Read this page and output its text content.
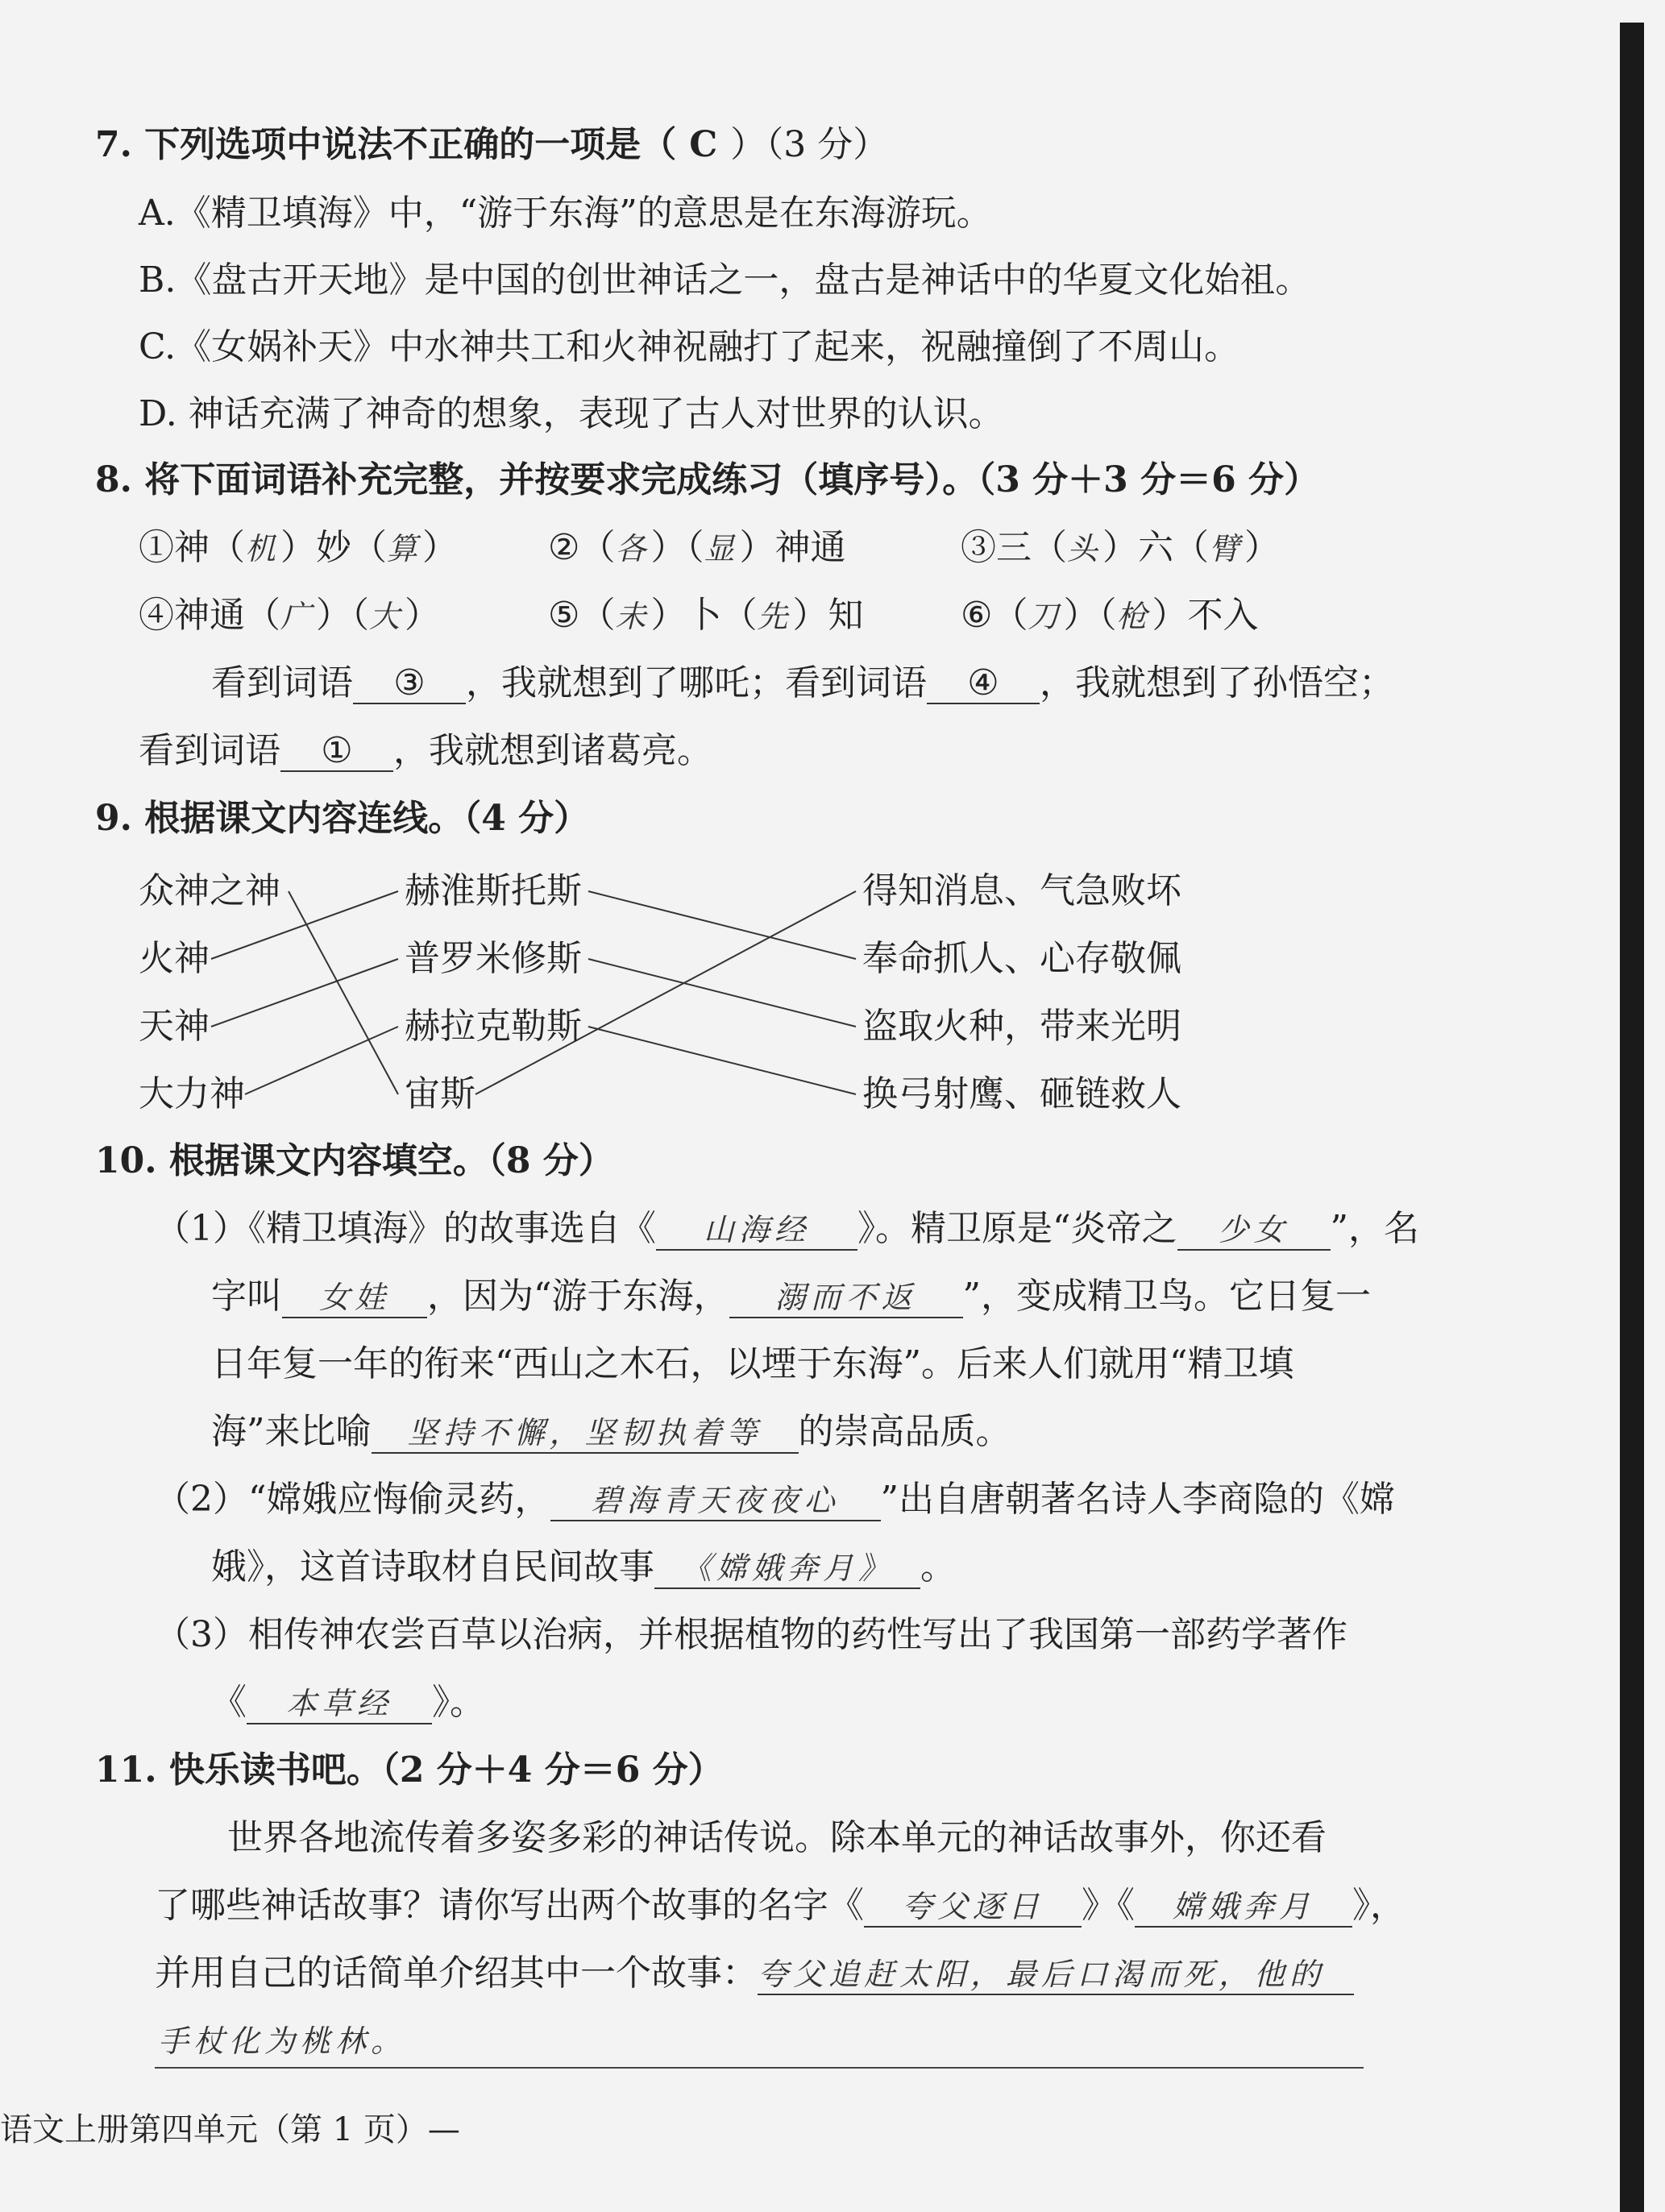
7. 下列选项中说法不正确的一项是（ C ）（3 分）
A.《精卫填海》中，“游于东海”的意思是在东海游玩。
B.《盘古开天地》是中国的创世神话之一，盘古是神话中的华夏文化始祖。
C.《女娲补天》中水神共工和火神祝融打了起来，祝融撞倒了不周山。
D. 神话充满了神奇的想象，表现了古人对世界的认识。
8. 将下面词语补充完整，并按要求完成练习（填序号）。（3 分＋3 分＝6 分）
①神（机）妙（算）	②（各）（显）神通	③三（头）六（臂）
④神通（广）（大）	⑤（未）卜（先）知	⑥（刀）（枪）不入
看到词语 ③ ，我就想到了哪吒；看到词语 ④ ，我就想到了孙悟空；
看到词语 ① ，我就想到诸葛亮。
9. 根据课文内容连线。（4 分）
众神之神
火神
天神
大力神
赫淮斯托斯
普罗米修斯
赫拉克勒斯
宙斯
得知消息、气急败坏
奉命抓人、心存敬佩
盗取火种，带来光明
换弓射鹰、砸链救人
10. 根据课文内容填空。（8 分）
（1）《精卫填海》的故事选自《 山海经 》。精卫原是“炎帝之 少女 ”，名
字叫 女娃 ，因为“游于东海， 溺而不返 ”，变成精卫鸟。它日复一
日年复一年的衔来“西山之木石，以堙于东海”。后来人们就用“精卫填
海”来比喻 坚持不懈，坚韧执着等 的崇高品质。
（2）“嫦娥应悔偷灵药， 碧海青天夜夜心 ”出自唐朝著名诗人李商隐的《嫦
娥》，这首诗取材自民间故事 《嫦娥奔月》 。
（3）相传神农尝百草以治病，并根据植物的药性写出了我国第一部药学著作
《 本草经 》。
11. 快乐读书吧。（2 分＋4 分＝6 分）
世界各地流传着多姿多彩的神话传说。除本单元的神话故事外，你还看
了哪些神话故事？请你写出两个故事的名字《 夸父逐日 》《 嫦娥奔月 》，
并用自己的话简单介绍其中一个故事：夸父追赶太阳，最后口渴而死，他的
手杖化为桃林。
语文上册第四单元（第 1 页）—
